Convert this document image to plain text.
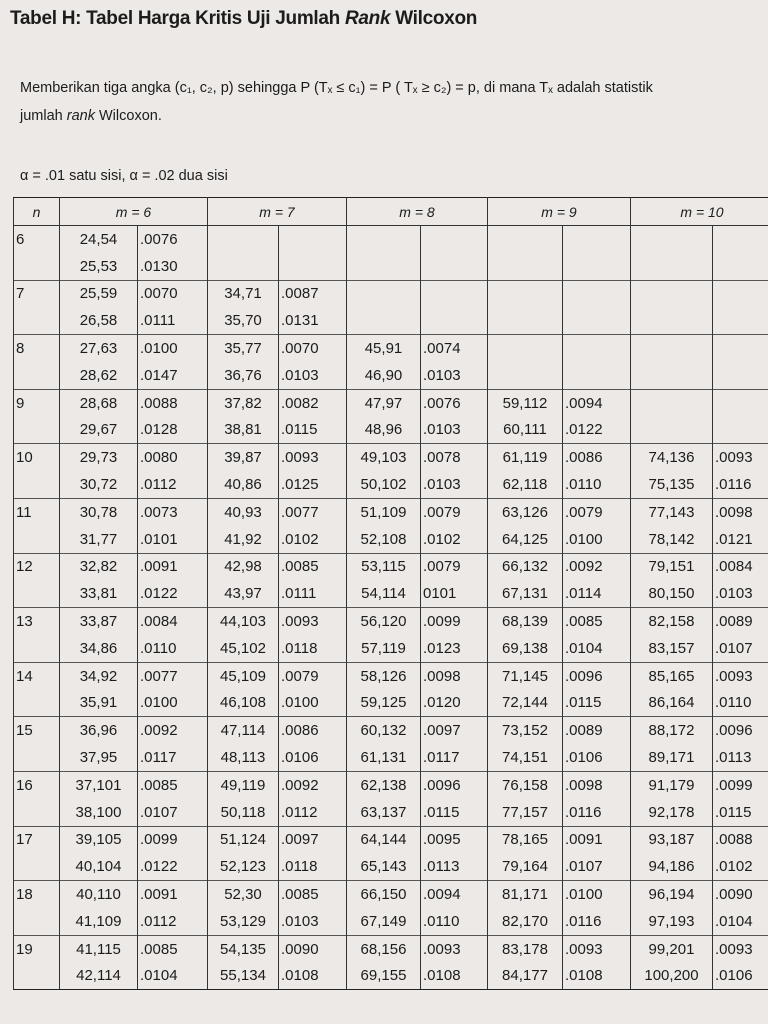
Tabel H: Tabel Harga Kritis Uji Jumlah Rank Wilcoxon
Memberikan tiga angka (c₁, c₂, p) sehingga P (Tₓ ≤ c₁) = P ( Tₓ ≥ c₂) = p, di mana Tₓ adalah statistik
jumlah rank Wilcoxon.
α = .01 satu sisi, α = .02 dua sisi
n	m = 6		m = 7		m = 8		m = 9		m = 10	
6	24,54	.0076								
	25,53	.0130								
7	25,59	.0070	34,71	.0087						
	26,58	.0111	35,70	.0131						
8	27,63	.0100	35,77	.0070	45,91	.0074				
	28,62	.0147	36,76	.0103	46,90	.0103				
9	28,68	.0088	37,82	.0082	47,97	.0076	59,112	.0094		
	29,67	.0128	38,81	.0115	48,96	.0103	60,111	.0122		
10	29,73	.0080	39,87	.0093	49,103	.0078	61,119	.0086	74,136	.0093
	30,72	.0112	40,86	.0125	50,102	.0103	62,118	.0110	75,135	.0116
11	30,78	.0073	40,93	.0077	51,109	.0079	63,126	.0079	77,143	.0098
	31,77	.0101	41,92	.0102	52,108	.0102	64,125	.0100	78,142	.0121
12	32,82	.0091	42,98	.0085	53,115	.0079	66,132	.0092	79,151	.0084
	33,81	.0122	43,97	.0111	54,114	0101	67,131	.0114	80,150	.0103
13	33,87	.0084	44,103	.0093	56,120	.0099	68,139	.0085	82,158	.0089
	34,86	.0110	45,102	.0118	57,119	.0123	69,138	.0104	83,157	.0107
14	34,92	.0077	45,109	.0079	58,126	.0098	71,145	.0096	85,165	.0093
	35,91	.0100	46,108	.0100	59,125	.0120	72,144	.0115	86,164	.0110
15	36,96	.0092	47,114	.0086	60,132	.0097	73,152	.0089	88,172	.0096
	37,95	.0117	48,113	.0106	61,131	.0117	74,151	.0106	89,171	.0113
16	37,101	.0085	49,119	.0092	62,138	.0096	76,158	.0098	91,179	.0099
	38,100	.0107	50,118	.0112	63,137	.0115	77,157	.0116	92,178	.0115
17	39,105	.0099	51,124	.0097	64,144	.0095	78,165	.0091	93,187	.0088
	40,104	.0122	52,123	.0118	65,143	.0113	79,164	.0107	94,186	.0102
18	40,110	.0091	52,30	.0085	66,150	.0094	81,171	.0100	96,194	.0090
	41,109	.0112	53,129	.0103	67,149	.0110	82,170	.0116	97,193	.0104
19	41,115	.0085	54,135	.0090	68,156	.0093	83,178	.0093	99,201	.0093
	42,114	.0104	55,134	.0108	69,155	.0108	84,177	.0108	100,200	.0106
